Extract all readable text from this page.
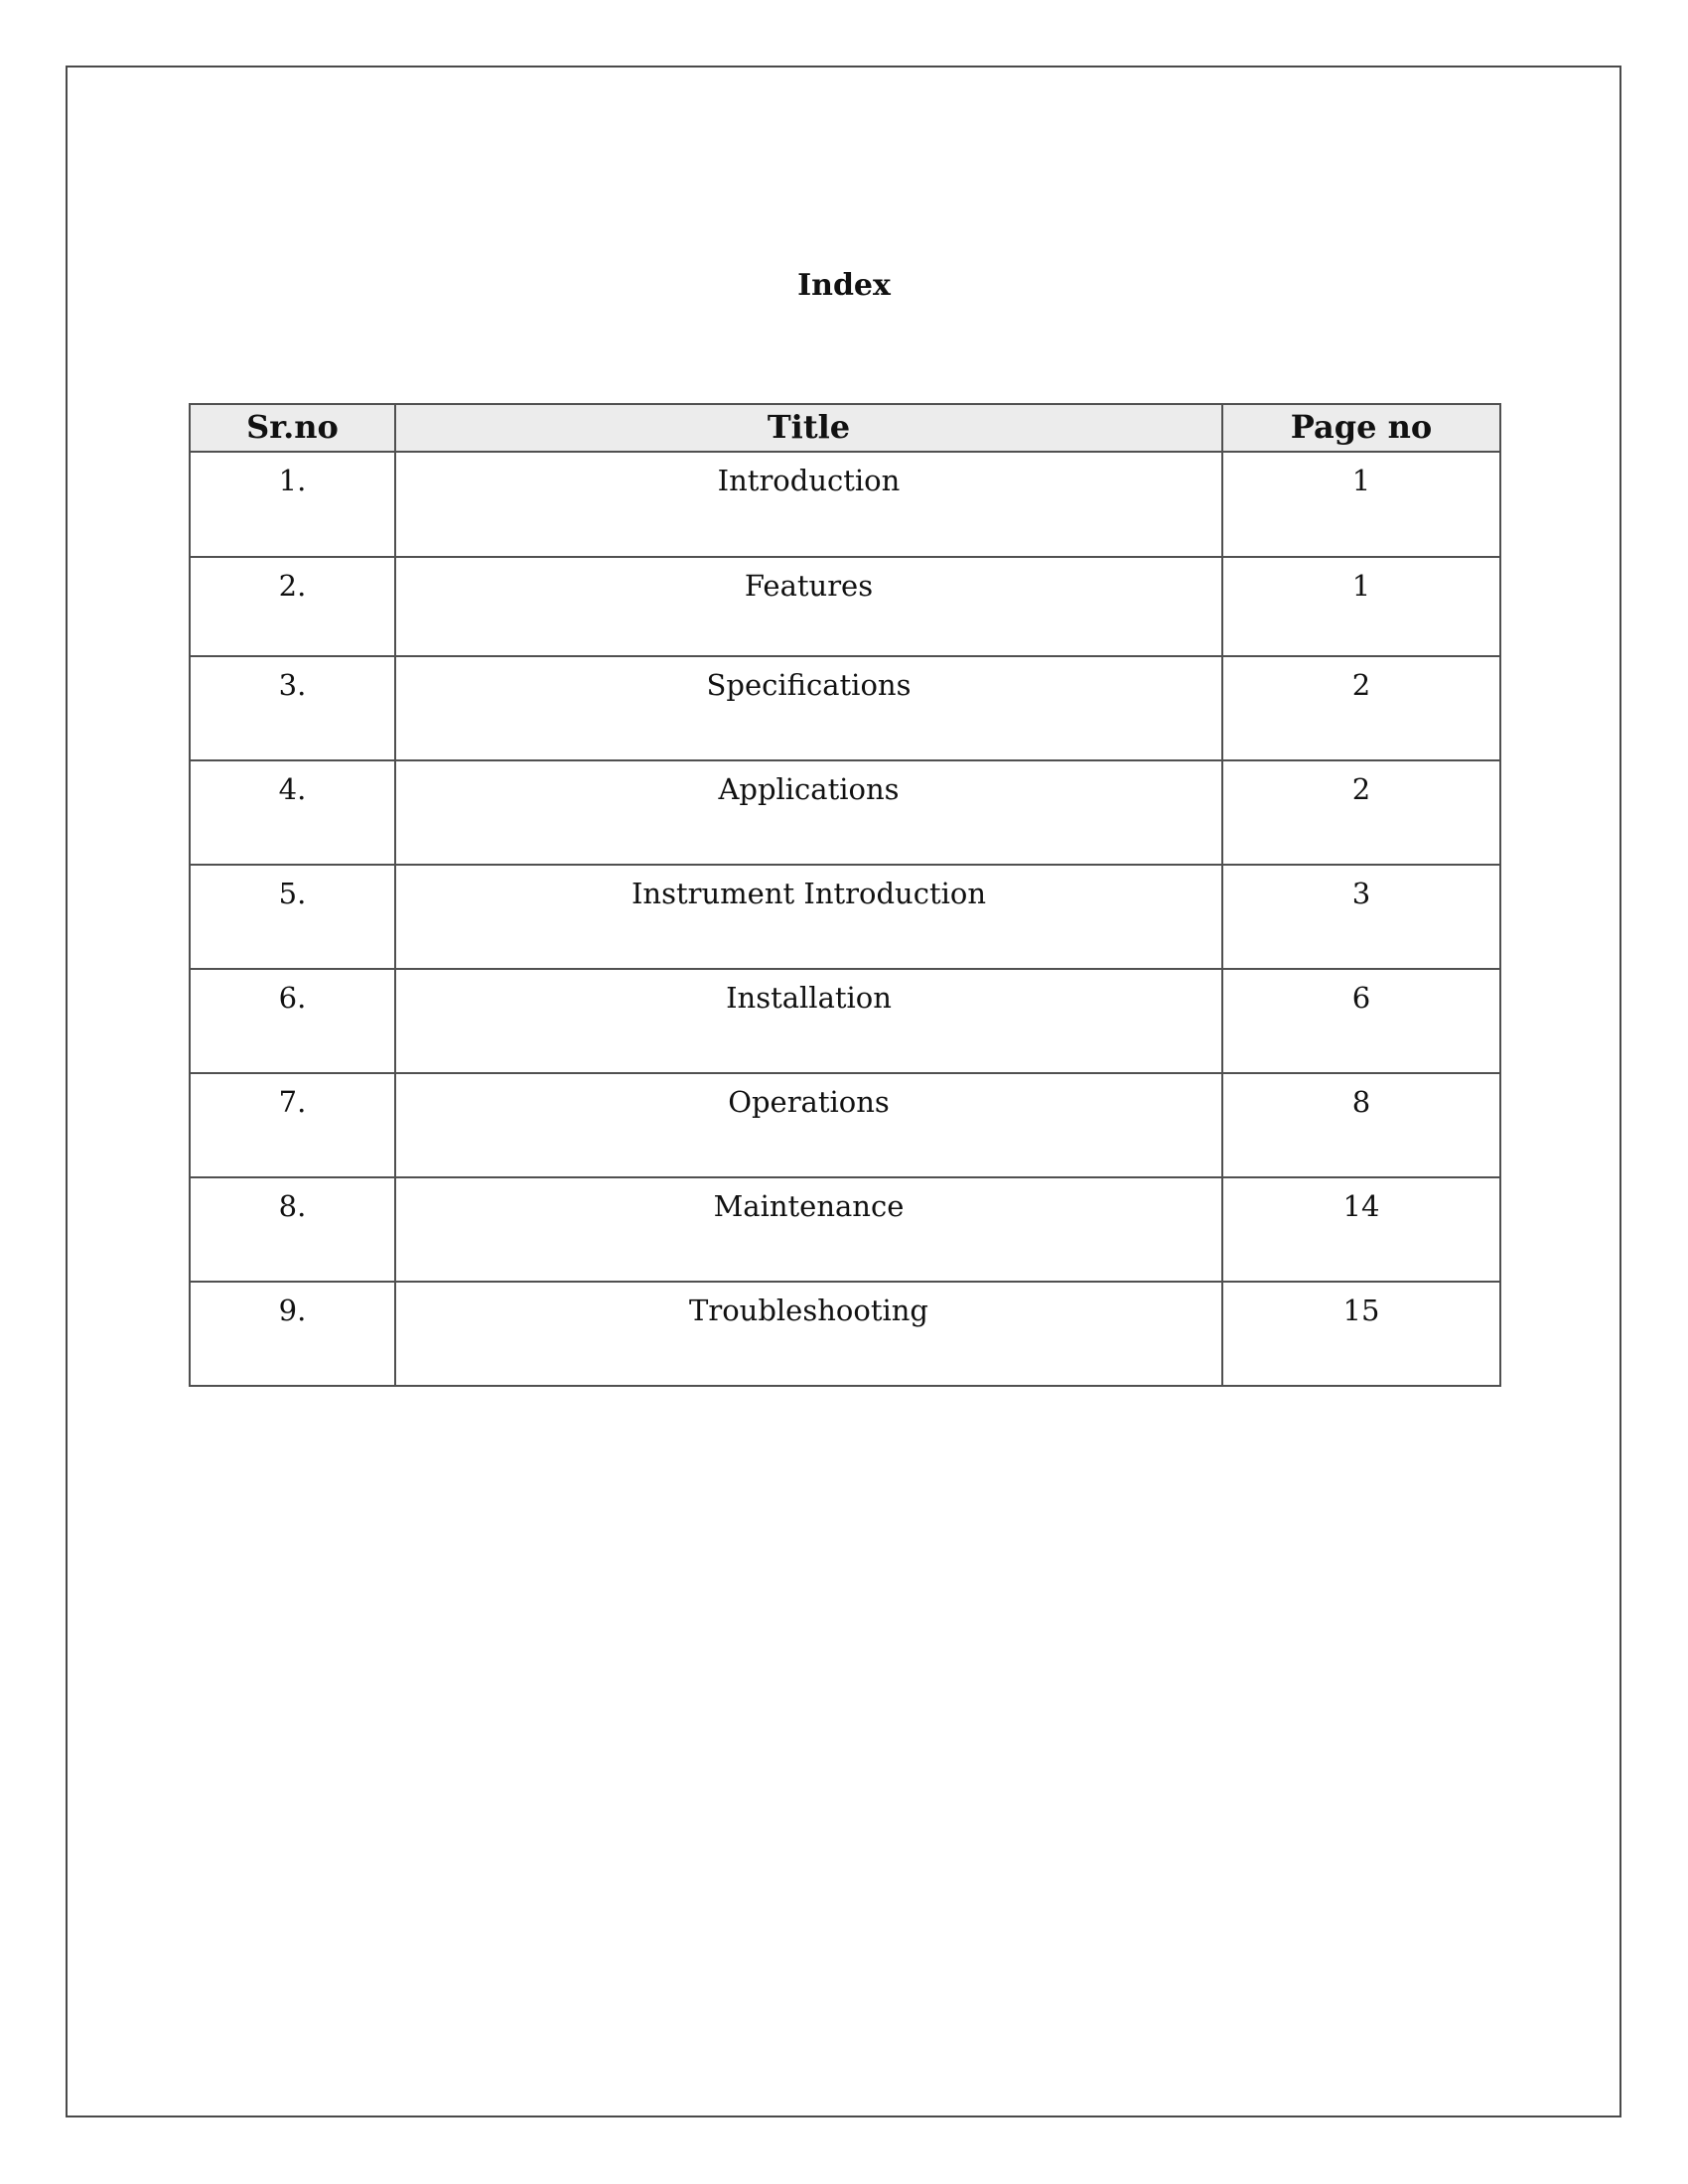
Index
Sr.no	Title	Page no
1.	Introduction	1
2.	Features	1
3.	Specifications	2
4.	Applications	2
5.	Instrument Introduction	3
6.	Installation	6
7.	Operations	8
8.	Maintenance	14
9.	Troubleshooting	15
